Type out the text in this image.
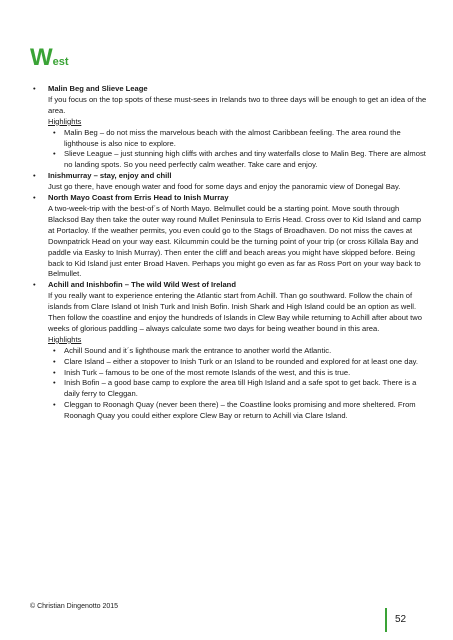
West
• Malin Beg and Slieve Leage
If you focus on the top spots of these must-sees in Irelands two to three days will be enough to get an idea of the area.
Highlights
• Malin Beg – do not miss the marvelous beach with the almost Caribbean feeling. The area round the lighthouse is also nice to explore.
• Slieve League – just stunning high cliffs with arches and tiny waterfalls close to Malin Beg. There are almost no landing spots. So you need perfectly calm weather. Take care and enjoy.
• Inishmurray – stay, enjoy and chill
Just go there, have enough water and food for some days and enjoy the panoramic view of Donegal Bay.
• North Mayo Coast from Erris Head to Inish Murray
A two-week-trip with the best-of´s of North Mayo. Belmullet could be a starting point. Move south through Blacksod Bay then take the outer way round Mullet Peninsula to Erris Head. Cross over to Kid Island and camp at Portacloy. If the weather permits, you even could go to the Stags of Broadhaven. Do not miss the caves at Downpatrick Head on your way east. Kilcummin could be the turning point of your trip (or cross Killala Bay and paddle via Easky to Inish Murray). Then enter the cliff and beach areas you might have skipped before. Being back to Kid Island just enter Broad Haven. Perhaps you might go even as far as Ross Port on your way back to Belmullet.
• Achill and Inishbofin – The wild Wild West of Ireland
If you really want to experience entering the Atlantic start from Achill. Than go southward. Follow the chain of islands from Clare Island ot Inish Turk and Inish Bofin. Inish Shark and High Island could be an option as well. Then follow the coastline and enjoy the hundreds of Islands in Clew Bay while returning to Achill after about two weeks of glorious paddling – always calculate some two days for being weather bound in this area.
Highlights
• Achill Sound and it´s lighthouse mark the entrance to another world the Atlantic.
• Clare Island – either a stopover to Inish Turk or an Island to be rounded and explored for at least one day.
• Inish Turk – famous to be one of the most remote Islands of the west, and this is true.
• Inish Bofin – a good base camp to explore the area till High Island and a safe spot to get back. There is a daily ferry to Cleggan.
• Cleggan to Roonagh Quay (never been there) – the Coastline looks promising and more sheltered. From Roonagh Quay you could either explore Clew Bay or return to Achill via Clare Island.
© Christian Dingenotto 2015
52
